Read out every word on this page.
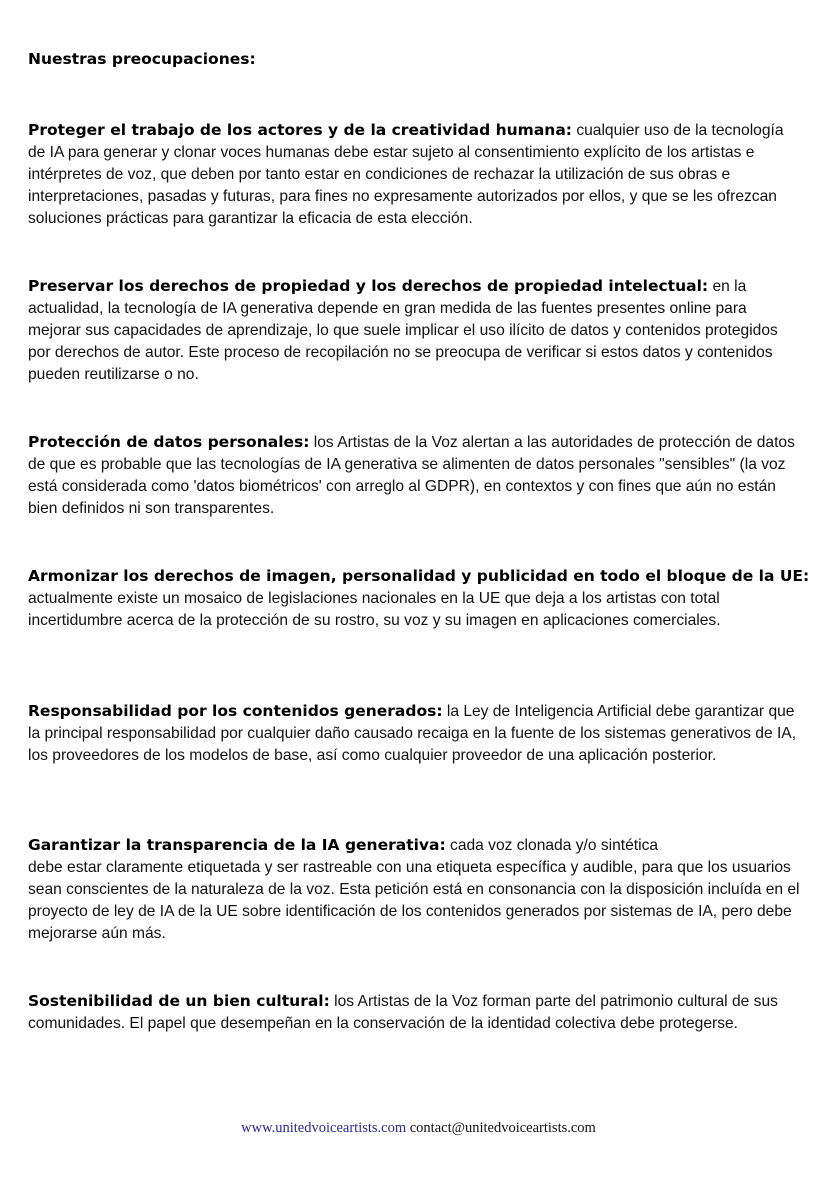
Nuestras preocupaciones:

Proteger el trabajo de los actores y de la creatividad humana: cualquier uso de la tecnología de IA para generar y clonar voces humanas debe estar sujeto al consentimiento explícito de los artistas e intérpretes de voz, que deben por tanto estar en condiciones de rechazar la utilización de sus obras e interpretaciones, pasadas y futuras, para fines no expresamente autorizados por ellos, y que se les ofrezcan soluciones prácticas para garantizar la eficacia de esta elección.

Preservar los derechos de propiedad y los derechos de propiedad intelectual: en la actualidad, la tecnología de IA generativa depende en gran medida de las fuentes presentes online para mejorar sus capacidades de aprendizaje, lo que suele implicar el uso ilícito de datos y contenidos protegidos por derechos de autor. Este proceso de recopilación no se preocupa de verificar si estos datos y contenidos pueden reutilizarse o no.

Protección de datos personales: los Artistas de la Voz alertan a las autoridades de protección de datos de que es probable que las tecnologías de IA generativa se alimenten de datos personales "sensibles" (la voz está considerada como 'datos biométricos' con arreglo al GDPR), en contextos y con fines que aún no están bien definidos ni son transparentes.

Armonizar los derechos de imagen, personalidad y publicidad en todo el bloque de la UE: actualmente existe un mosaico de legislaciones nacionales en la UE que deja a los artistas con total incertidumbre acerca de la protección de su rostro, su voz y su imagen en aplicaciones comerciales.

Responsabilidad por los contenidos generados: la Ley de Inteligencia Artificial debe garantizar que la principal responsabilidad por cualquier daño causado recaiga en la fuente de los sistemas generativos de IA, los proveedores de los modelos de base, así como cualquier proveedor de una aplicación posterior.

Garantizar la transparencia de la IA generativa: cada voz clonada y/o sintética
debe estar claramente etiquetada y ser rastreable con una etiqueta específica y audible, para que los usuarios sean conscientes de la naturaleza de la voz. Esta petición está en consonancia con la disposición incluída en el proyecto de ley de IA de la UE sobre identificación de los contenidos generados por sistemas de IA, pero debe mejorarse aún más.

Sostenibilidad de un bien cultural: los Artistas de la Voz forman parte del patrimonio cultural de sus comunidades. El papel que desempeñan en la conservación de la identidad colectiva debe protegerse.

www.unitedvoiceartists.com contact@unitedvoiceartists.com
